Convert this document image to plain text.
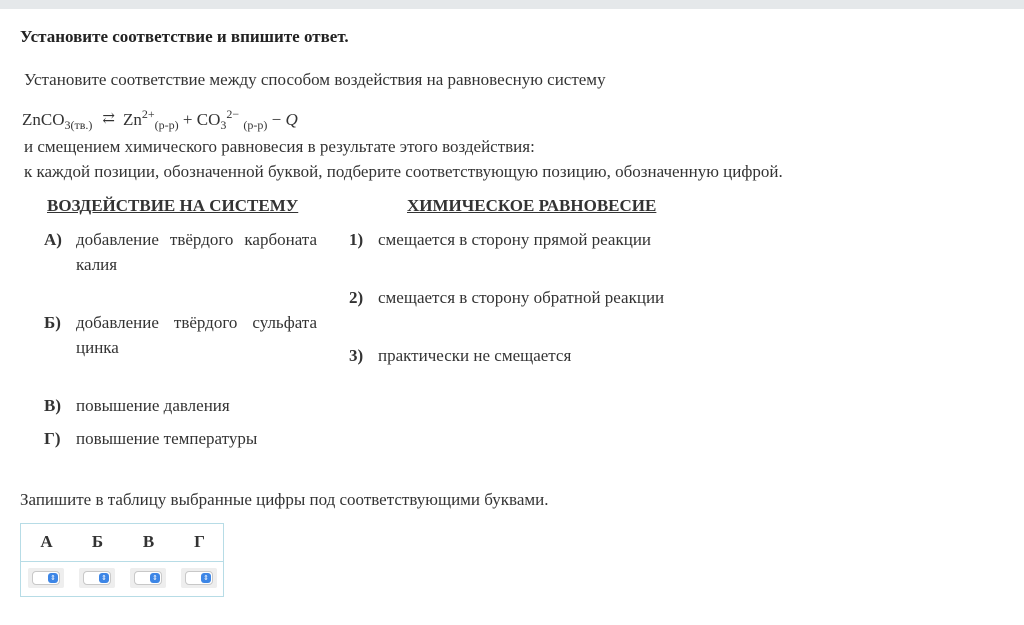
Установите соответствие и впишите ответ.
Установите соответствие между способом воздействия на равновесную систему
ZnCO$_{3(тв.)}$ ⇄ $Zn^{2+}_{(р-р)} + CO_3^{2-}$ $_{(р-р)}$ − Q
и смещением химического равновесия в результате этого воздействия:
к каждой позиции, обозначенной буквой, подберите соответствующую позицию, обозначенную цифрой.
ВОЗДЕЙСТВИЕ НА СИСТЕМУ	ХИМИЧЕСКОЕ РАВНОВЕСИЕ
А) добавление твёрдого карбоната
калия
Б) добавление твёрдого сульфата
цинка
В) повышение давления
Г) повышение температуры
1) смещается в сторону прямой реакции
2) смещается в сторону обратной реакции
3) практически не смещается
Запишите в таблицу выбранные цифры под соответствующими буквами.
А	Б	В	Г
⇕	⇕	⇕	⇕
